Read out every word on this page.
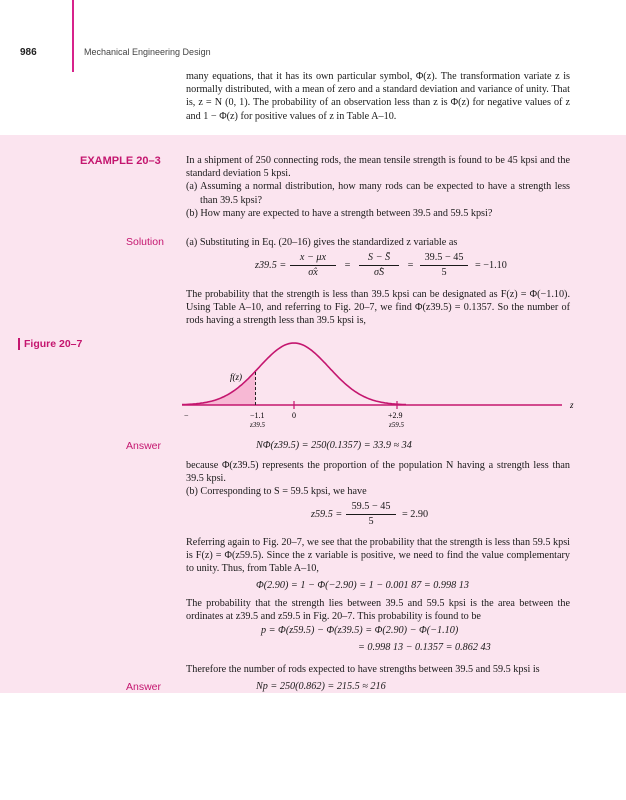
986	Mechanical Engineering Design
many equations, that it has its own particular symbol, Φ(z). The transformation variate z is normally distributed, with a mean of zero and a standard deviation and variance of unity. That is, z = N (0, 1). The probability of an observation less than z is Φ(z) for negative values of z and 1 − Φ(z) for positive values of z in Table A–10.
EXAMPLE 20–3 In a shipment of 250 connecting rods, the mean tensile strength is found to be 45 kpsi and the standard deviation 5 kpsi.
(a) Assuming a normal distribution, how many rods can be expected to have a strength less than 39.5 kpsi?
(b) How many are expected to have a strength between 39.5 and 59.5 kpsi?
Solution (a) Substituting in Eq. (20–16) gives the standardized z variable as
z39.5 =
x − μx
σ̂x
=
S − S̄
σ̂S
=
39.5 − 45
5
= −1.10
The probability that the strength is less than 39.5 kpsi can be designated as F(z) = Φ(−1.10). Using Table A–10, and referring to Fig. 20–7, we find Φ(z39.5) = 0.1357. So the number of rods having a strength less than 39.5 kpsi is,
Figure 20–7
f(z)
z
−	−1.1	0	+2.9
z39.5	z59.5
Answer	NΦ(z39.5) = 250(0.1357) = 33.9 ≈ 34
because Φ(z39.5) represents the proportion of the population N having a strength less than 39.5 kpsi.
(b) Corresponding to S = 59.5 kpsi, we have
z59.5 =
59.5 − 45
5
= 2.90
Referring again to Fig. 20–7, we see that the probability that the strength is less than 59.5 kpsi is F(z) = Φ(z59.5). Since the z variable is positive, we need to find the value complementary to unity. Thus, from Table A–10,
Φ(2.90) = 1 − Φ(−2.90) = 1 − 0.001 87 = 0.998 13
The probability that the strength lies between 39.5 and 59.5 kpsi is the area between the ordinates at z39.5 and z59.5 in Fig. 20–7. This probability is found to be
p = Φ(z59.5) − Φ(z39.5) = Φ(2.90) − Φ(−1.10)
= 0.998 13 − 0.1357 = 0.862 43
Therefore the number of rods expected to have strengths between 39.5 and 59.5 kpsi is
Answer	Np = 250(0.862) = 215.5 ≈ 216
